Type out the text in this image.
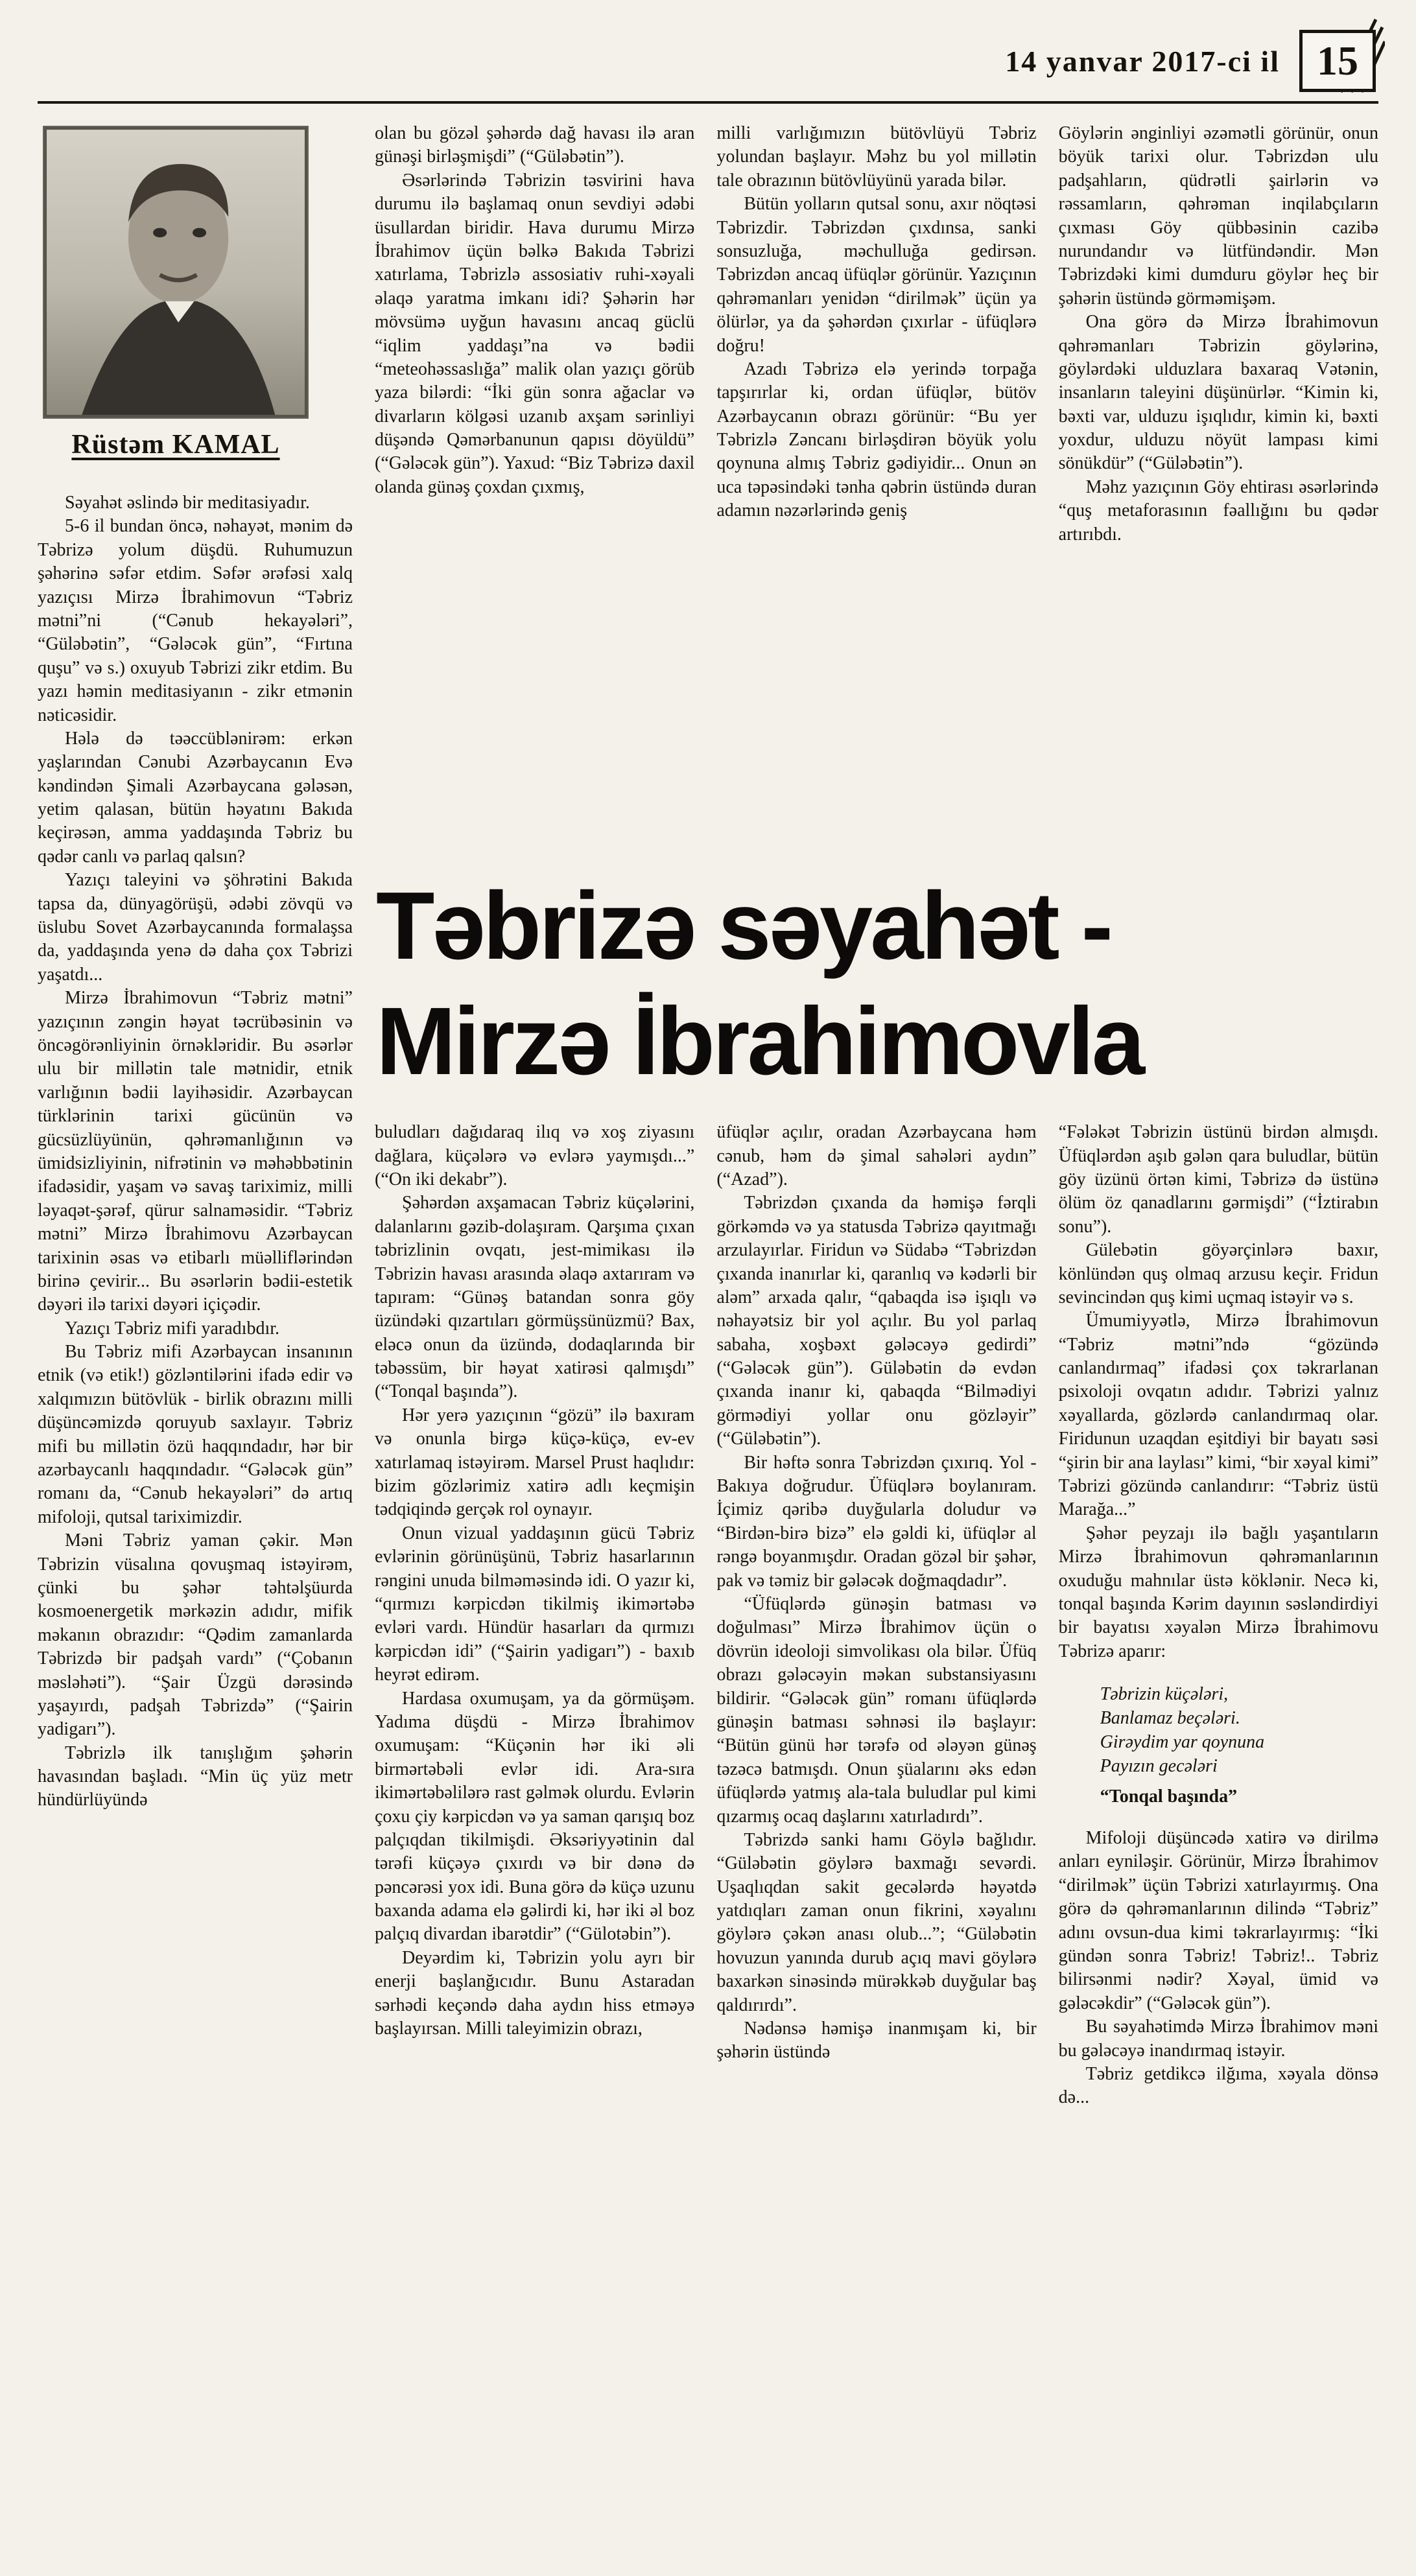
14 yanvar 2017-ci il 15
Rüstəm KAMAL

Səyahət əslində bir meditasiyadır.

5-6 il bundan öncə, nəhayət, mənim də Təbrizə yolum düşdü. Ruhumuzun şəhərinə səfər etdim. Səfər ərəfəsi xalq yazıçısı Mirzə İbrahimovun “Təbriz mətni”ni (“Cənub hekayələri”, “Güləbətin”, “Gələcək gün”, “Fırtına quşu” və s.) oxuyub Təbrizi zikr etdim. Bu yazı həmin meditasiyanın - zikr etmənin nəticəsidir.

Hələ də təəccüblənirəm: erkən yaşlarından Cənubi Azərbaycanın Evə kəndindən Şimali Azərbaycana gələsən, yetim qalasan, bütün həyatını Bakıda keçirəsən, amma yaddaşında Təbriz bu qədər canlı və parlaq qalsın?

Yazıçı taleyini və şöhrətini Bakıda tapsa da, dünyagörüşü, ədəbi zövqü və üslubu Sovet Azərbaycanında formalaşsa da, yaddaşında yenə də daha çox Təbrizi yaşatdı...

Mirzə İbrahimovun “Təbriz mətni” yazıçının zəngin həyat təcrübəsinin və öncəgörənliyinin örnəkləridir. Bu əsərlər ulu bir millətin tale mətnidir, etnik varlığının bədii layihəsidir. Azərbaycan türklərinin tarixi gücünün və gücsüzlüyünün, qəhrəmanlığının və ümidsizliyinin, nifrətinin və məhəbbətinin ifadəsidir, yaşam və savaş tariximiz, milli ləyaqət-şərəf, qürur salnaməsidir. “Təbriz mətni” Mirzə İbrahimovu Azərbaycan tarixinin əsas və etibarlı müəlliflərindən birinə çevirir... Bu əsərlərin bədii-estetik dəyəri ilə tarixi dəyəri içiçədir.

Yazıçı Təbriz mifi yaradıbdır.

Bu Təbriz mifi Azərbaycan insanının etnik (və etik!) gözləntilərini ifadə edir və xalqımızın bütövlük - birlik obrazını milli düşüncəmizdə qoruyub saxlayır. Təbriz mifi bu millətin özü haqqındadır, hər bir azərbaycanlı haqqındadır. “Gələcək gün” romanı da, “Cənub hekayələri” də artıq mifoloji, qutsal tariximizdir.

Məni Təbriz yaman çəkir. Mən Təbrizin vüsalına qovuşmaq istəyirəm, çünki bu şəhər təhtəlşüurda kosmoenergetik mərkəzin adıdır, mifik məkanın obrazıdır: “Qədim zamanlarda Təbrizdə bir padşah vardı” (“Çobanın məsləhəti”). “Şair Üzgü dərəsində yaşayırdı, padşah Təbrizdə” (“Şairin yadigarı”).

Təbrizlə ilk tanışlığım şəhərin havasından başladı. “Min üç yüz metr hündürlüyündə

olan bu gözəl şəhərdə dağ havası ilə aran günəşi birləşmişdi” (“Güləbətin”).

Əsərlərində Təbrizin təsvirini hava durumu ilə başlamaq onun sevdiyi ədəbi üsullardan biridir. Hava durumu Mirzə İbrahimov üçün bəlkə Bakıda Təbrizi xatırlama, Təbrizlə assosiativ ruhi-xəyali əlaqə yaratma imkanı idi? Şəhərin hər mövsümə uyğun havasını ancaq güclü “iqlim yaddaşı”na və bədii “meteohəssaslığa” malik olan yazıçı görüb yaza bilərdi: “İki gün sonra ağaclar və divarların kölgəsi uzanıb axşam sərinliyi düşəndə Qəmərbanunun qapısı döyüldü” (“Gələcək gün”). Yaxud: “Biz Təbrizə daxil olanda günəş çoxdan çıxmış,

milli varlığımızın bütövlüyü Təbriz yolundan başlayır. Məhz bu yol millətin tale obrazının bütövlüyünü yarada bilər.

Bütün yolların qutsal sonu, axır nöqtəsi Təbrizdir. Təbrizdən çıxdınsa, sanki sonsuzluğa, məchulluğa gedirsən. Təbrizdən ancaq üfüqlər görünür. Yazıçının qəhrəmanları yenidən “dirilmək” üçün ya ölürlər, ya da şəhərdən çıxırlar - üfüqlərə doğru!

Azadı Təbrizə elə yerində torpağa tapşırırlar ki, ordan üfüqlər, bütöv Azərbaycanın obrazı görünür: “Bu yer Təbrizlə Zəncanı birləşdirən böyük yolu qoynuna almış Təbriz gədiyidir... Onun ən uca təpəsindəki tənha qəbrin üstündə duran adamın nəzərlərində geniş

Göylərin ənginliyi əzəmətli görünür, onun böyük tarixi olur. Təbrizdən ulu padşahların, qüdrətli şairlərin və rəssamların, qəhrəman inqilabçıların çıxması Göy qübbəsinin cazibə nurundandır və lütfündəndir. Mən Təbrizdəki kimi dumduru göylər heç bir şəhərin üstündə görməmişəm.

Ona görə də Mirzə İbrahimovun qəhrəmanları Təbrizin göylərinə, göylərdəki ulduzlara baxaraq Vətənin, insanların taleyini düşünürlər. “Kimin ki, bəxti var, ulduzu işıqlıdır, kimin ki, bəxti yoxdur, ulduzu nöyüt lampası kimi sönükdür” (“Güləbətin”).

Məhz yazıçının Göy ehtirası əsərlərində “quş metaforasının fəallığını bu qədər artırıbdı.

Təbrizə səyahət -
Mirzə İbrahimovla

buludları dağıdaraq ilıq və xoş ziyasını dağlara, küçələrə və evlərə yaymışdı...” (“On iki dekabr”).

Şəhərdən axşamacan Təbriz küçələrini, dalanlarını gəzib-dolaşıram. Qarşıma çıxan təbrizlinin ovqatı, jest-mimikası ilə Təbrizin havası arasında əlaqə axtarıram və tapıram: “Günəş batandan sonra göy üzündəki qızartıları görmüşsünüzmü? Bax, eləcə onun da üzündə, dodaqlarında bir təbəssüm, bir həyat xatirəsi qalmışdı” (“Tonqal başında”).

Hər yerə yazıçının “gözü” ilə baxıram və onunla birgə küçə-küçə, ev-ev xatırlamaq istəyirəm. Marsel Prust haqlıdır: bizim gözlərimiz xatirə adlı keçmişin tədqiqində gerçək rol oynayır.

Onun vizual yaddaşının gücü Təbriz evlərinin görünüşünü, Təbriz hasarlarının rəngini unuda bilməməsində idi. O yazır ki, “qırmızı kərpicdən tikilmiş ikimərtəbə evləri vardı. Hündür hasarları da qırmızı kərpicdən idi” (“Şairin yadigarı”) - baxıb heyrət edirəm.

Hardasa oxumuşam, ya da görmüşəm. Yadıma düşdü - Mirzə İbrahimov oxumuşam: “Küçənin hər iki əli birmərtəbəli evlər idi. Ara-sıra ikimərtəbəlilərə rast gəlmək olurdu. Evlərin çoxu çiy kərpicdən və ya saman qarışıq boz palçıqdan tikilmişdi. Əksəriyyətinin dal tərəfi küçəyə çıxırdı və bir dənə də pəncərəsi yox idi. Buna görə də küçə uzunu baxanda adama elə gəlirdi ki, hər iki əl boz palçıq divardan ibarətdir” (“Gülotəbin”).

Deyərdim ki, Təbrizin yolu ayrı bir enerji başlanğıcıdır. Bunu Astaradan sərhədi keçəndə daha aydın hiss etməyə başlayırsan. Milli taleyimizin obrazı,

üfüqlər açılır, oradan Azərbaycana həm cənub, həm də şimal sahələri aydın” (“Azad”).

Təbrizdən çıxanda da həmişə fərqli görkəmdə və ya statusda Təbrizə qayıtmağı arzulayırlar. Firidun və Südabə “Təbrizdən çıxanda inanırlar ki, qaranlıq və kədərli bir aləm” arxada qalır, “qabaqda isə işıqlı və nəhayətsiz bir yol açılır. Bu yol parlaq sabaha, xoşbəxt gələcəyə gedirdi” (“Gələcək gün”). Güləbətin də evdən çıxanda inanır ki, qabaqda “Bilmədiyi görmədiyi yollar onu gözləyir” (“Güləbətin”).

Bir həftə sonra Təbrizdən çıxırıq. Yol - Bakıya doğrudur. Üfüqlərə boylanıram. İçimiz qəribə duyğularla doludur və “Birdən-birə bizə” elə gəldi ki, üfüqlər al rəngə boyanmışdır. Oradan gözəl bir şəhər, pak və təmiz bir gələcək doğmaqdadır”.

“Üfüqlərdə günəşin batması və doğulması” Mirzə İbrahimov üçün o dövrün ideoloji simvolikası ola bilər. Üfüq obrazı gələcəyin məkan substansiyasını bildirir. “Gələcək gün” romanı üfüqlərdə günəşin batması səhnəsi ilə başlayır: “Bütün günü hər tərəfə od ələyən günəş təzəcə batmışdı. Onun şüalarını əks edən üfüqlərdə yatmış ala-tala buludlar pul kimi qızarmış ocaq daşlarını xatırladırdı”.

Təbrizdə sanki hamı Göylə bağlıdır. “Güləbətin göylərə baxmağı sevərdi. Uşaqlıqdan sakit gecələrdə həyətdə yatdıqları zaman onun fikrini, xəyalını göylərə çəkən anası olub...”; “Güləbətin hovuzun yanında durub açıq mavi göylərə baxarkən sinəsində mürəkkəb duyğular baş qaldırırdı”.

Nədənsə həmişə inanmışam ki, bir şəhərin üstündə

“Fələkət Təbrizin üstünü birdən almışdı. Üfüqlərdən aşıb gələn qara buludlar, bütün göy üzünü örtən kimi, Təbrizə də üstünə ölüm öz qanadlarını gərmişdi” (“İztirabın sonu”).

Gülebətin göyərçinlərə baxır, könlündən quş olmaq arzusu keçir. Fridun sevincindən quş kimi uçmaq istəyir və s.

Ümumiyyətlə, Mirzə İbrahimovun “Təbriz mətni”ndə “gözündə canlandırmaq” ifadəsi çox təkrarlanan psixoloji ovqatın adıdır. Təbrizi yalnız xəyallarda, gözlərdə canlandırmaq olar. Firidunun uzaqdan eşitdiyi bir bayatı səsi “şirin bir ana laylası” kimi, “bir xəyal kimi” Təbrizi gözündə canlandırır: “Təbriz üstü Marağa...”

Şəhər peyzajı ilə bağlı yaşantıların Mirzə İbrahimovun qəhrəmanlarının oxuduğu mahnılar üstə köklənir. Necə ki, tonqal başında Kərim dayının səsləndirdiyi bir bayatısı xəyalən Mirzə İbrahimovu Təbrizə aparır:

Təbrizin küçələri,

Banlamaz beçələri.

Girəydim yar qoynuna

Payızın gecələri

“Tonqal başında”

Mifoloji düşüncədə xatirə və dirilmə anları eyniləşir. Görünür, Mirzə İbrahimov “dirilmək” üçün Təbrizi xatırlayırmış. Ona görə də qəhrəmanlarının dilində “Təbriz” adını ovsun-dua kimi təkrarlayırmış: “İki gündən sonra Təbriz! Təbriz!.. Təbriz bilirsənmi nədir? Xəyal, ümid və gələcəkdir” (“Gələcək gün”).

Bu səyahətimdə Mirzə İbrahimov məni bu gələcəyə inandırmaq istəyir.

Təbriz getdikcə ilğıma, xəyala dönsə də...
